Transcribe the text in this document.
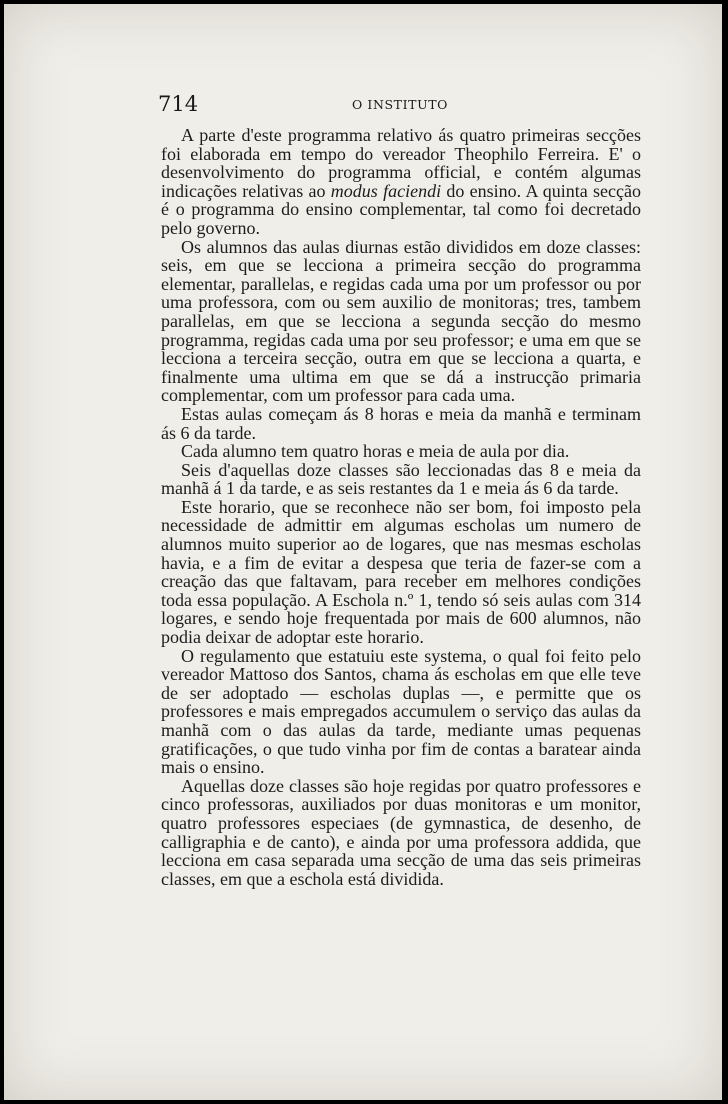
714	O INSTITUTO

A parte d'este programma relativo ás quatro primeiras secções foi elaborada em tempo do vereador Theophilo Ferreira. E' o desenvolvimento do programma official, e contém algumas indicações relativas ao modus faciendi do ensino. A quinta secção é o programma do ensino complementar, tal como foi decretado pelo governo.

Os alumnos das aulas diurnas estão divididos em doze classes: seis, em que se lecciona a primeira secção do programma elementar, parallelas, e regidas cada uma por um professor ou por uma professora, com ou sem auxilio de monitoras; tres, tambem parallelas, em que se lecciona a segunda secção do mesmo programma, regidas cada uma por seu professor; e uma em que se lecciona a terceira secção, outra em que se lecciona a quarta, e finalmente uma ultima em que se dá a instrucção primaria complementar, com um professor para cada uma.

Estas aulas começam ás 8 horas e meia da manhã e terminam ás 6 da tarde.

Cada alumno tem quatro horas e meia de aula por dia.

Seis d'aquellas doze classes são leccionadas das 8 e meia da manhã á 1 da tarde, e as seis restantes da 1 e meia ás 6 da tarde.

Este horario, que se reconhece não ser bom, foi imposto pela necessidade de admittir em algumas escholas um numero de alumnos muito superior ao de logares, que nas mesmas escholas havia, e a fim de evitar a despesa que teria de fazer-se com a creação das que faltavam, para receber em melhores condições toda essa população. A Eschola n.º 1, tendo só seis aulas com 314 logares, e sendo hoje frequentada por mais de 600 alumnos, não podia deixar de adoptar este horario.

O regulamento que estatuiu este systema, o qual foi feito pelo vereador Mattoso dos Santos, chama ás escholas em que elle teve de ser adoptado — escholas duplas —, e permitte que os professores e mais empregados accumulem o serviço das aulas da manhã com o das aulas da tarde, mediante umas pequenas gratificações, o que tudo vinha por fim de contas a baratear ainda mais o ensino.

Aquellas doze classes são hoje regidas por quatro professores e cinco professoras, auxiliados por duas monitoras e um monitor, quatro professores especiaes (de gymnastica, de desenho, de calligraphia e de canto), e ainda por uma professora addida, que lecciona em casa separada uma secção de uma das seis primeiras classes, em que a eschola está dividida.
